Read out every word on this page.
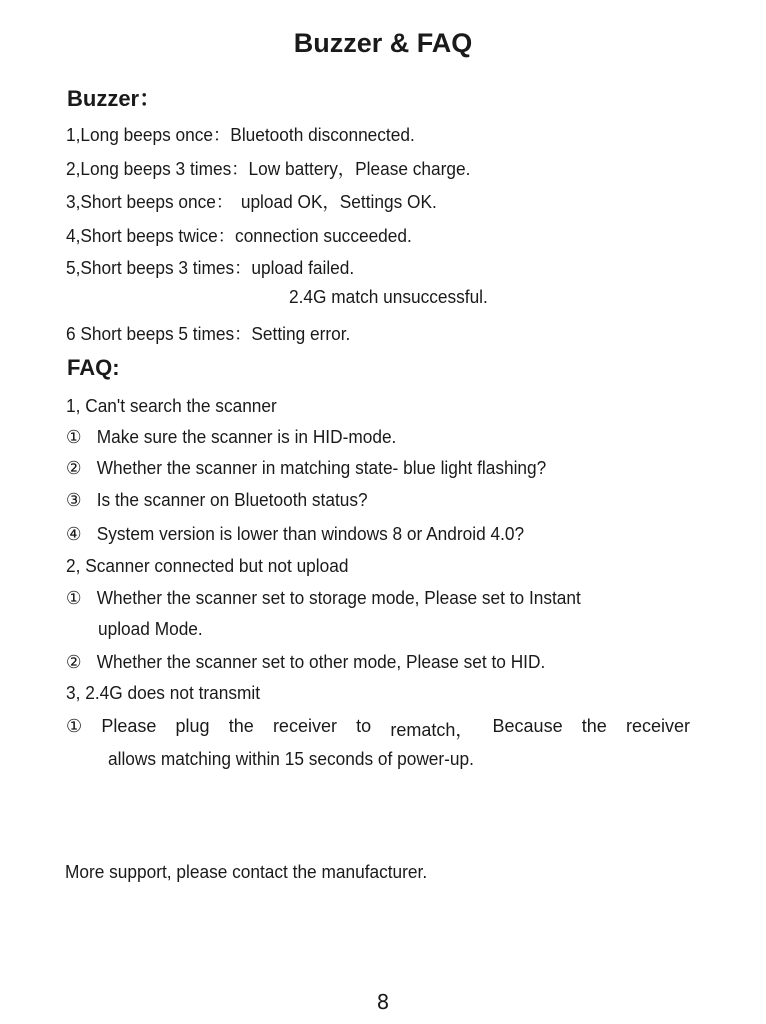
Buzzer & FAQ
Buzzer：
1,Long beeps once：Bluetooth disconnected.
2,Long beeps 3 times：Low battery，Please charge.
3,Short beeps once： upload OK，Settings OK.
4,Short beeps twice：connection succeeded.
5,Short beeps 3 times：upload failed.
2.4G match unsuccessful.
6 Short beeps 5 times：Setting error.
FAQ:
1, Can't search the scanner
① Make sure the scanner is in HID-mode.
② Whether the scanner in matching state- blue light flashing?
③ Is the scanner on Bluetooth status?
④ System version is lower than windows 8 or Android 4.0?
2, Scanner connected but not upload
① Whether the scanner set to storage mode, Please set to Instant
upload Mode.
② Whether the scanner set to other mode, Please set to HID.
3, 2.4G does not transmit
① Please plug the receiver to rematch， Because the receiver
allows matching within 15 seconds of power-up.
More support, please contact the manufacturer.
8
